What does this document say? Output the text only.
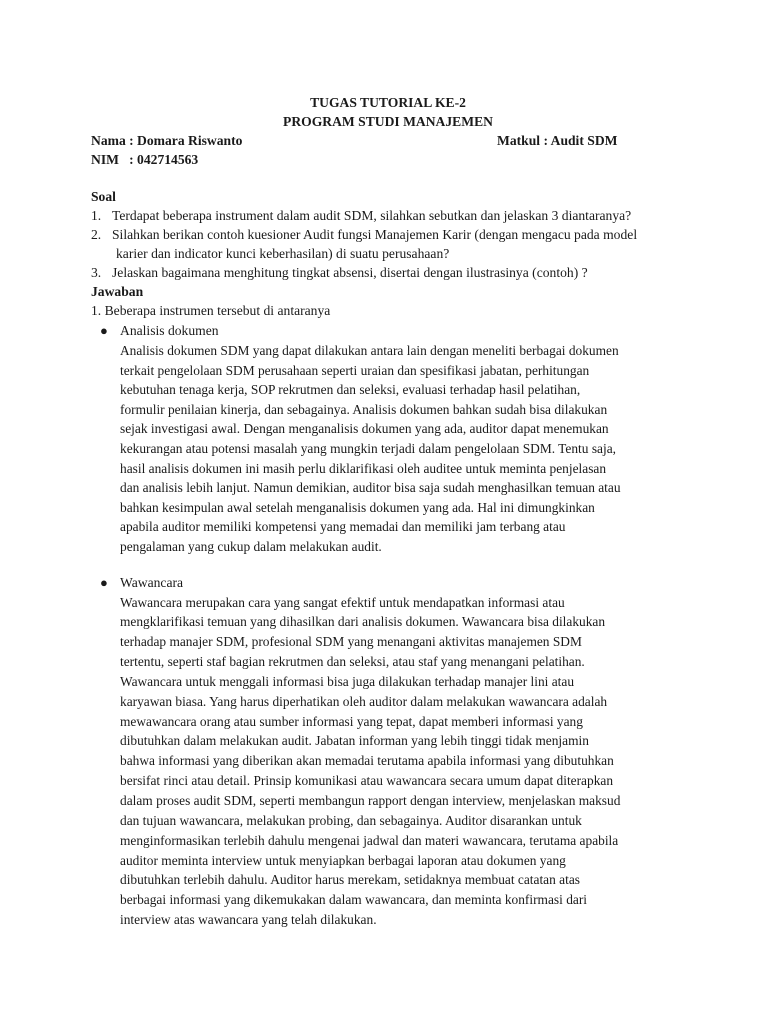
TUGAS TUTORIAL KE-2
PROGRAM STUDI MANAJEMEN
Nama : Domara Riswanto	Matkul : Audit SDM
NIM   : 042714563
Soal
1. Terdapat beberapa instrument dalam audit SDM, silahkan sebutkan dan jelaskan 3 diantaranya?
2. Silahkan berikan contoh kuesioner Audit fungsi Manajemen Karir (dengan mengacu pada model
karier dan indicator kunci keberhasilan) di suatu perusahaan?
3. Jelaskan bagaimana menghitung tingkat absensi, disertai dengan ilustrasinya (contoh) ?
Jawaban
1. Beberapa instrumen tersebut di antaranya
● Analisis dokumen
Analisis dokumen SDM yang dapat dilakukan antara lain dengan meneliti berbagai dokumen
terkait pengelolaan SDM perusahaan seperti uraian dan spesifikasi jabatan, perhitungan
kebutuhan tenaga kerja, SOP rekrutmen dan seleksi, evaluasi terhadap hasil pelatihan,
formulir penilaian kinerja, dan sebagainya. Analisis dokumen bahkan sudah bisa dilakukan
sejak investigasi awal. Dengan menganalisis dokumen yang ada, auditor dapat menemukan
kekurangan atau potensi masalah yang mungkin terjadi dalam pengelolaan SDM. Tentu saja,
hasil analisis dokumen ini masih perlu diklarifikasi oleh auditee untuk meminta penjelasan
dan analisis lebih lanjut. Namun demikian, auditor bisa saja sudah menghasilkan temuan atau
bahkan kesimpulan awal setelah menganalisis dokumen yang ada. Hal ini dimungkinkan
apabila auditor memiliki kompetensi yang memadai dan memiliki jam terbang atau
pengalaman yang cukup dalam melakukan audit.
● Wawancara
Wawancara merupakan cara yang sangat efektif untuk mendapatkan informasi atau
mengklarifikasi temuan yang dihasilkan dari analisis dokumen. Wawancara bisa dilakukan
terhadap manajer SDM, profesional SDM yang menangani aktivitas manajemen SDM
tertentu, seperti staf bagian rekrutmen dan seleksi, atau staf yang menangani pelatihan.
Wawancara untuk menggali informasi bisa juga dilakukan terhadap manajer lini atau
karyawan biasa. Yang harus diperhatikan oleh auditor dalam melakukan wawancara adalah
mewawancara orang atau sumber informasi yang tepat, dapat memberi informasi yang
dibutuhkan dalam melakukan audit. Jabatan informan yang lebih tinggi tidak menjamin
bahwa informasi yang diberikan akan memadai terutama apabila informasi yang dibutuhkan
bersifat rinci atau detail. Prinsip komunikasi atau wawancara secara umum dapat diterapkan
dalam proses audit SDM, seperti membangun rapport dengan interview, menjelaskan maksud
dan tujuan wawancara, melakukan probing, dan sebagainya. Auditor disarankan untuk
menginformasikan terlebih dahulu mengenai jadwal dan materi wawancara, terutama apabila
auditor meminta interview untuk menyiapkan berbagai laporan atau dokumen yang
dibutuhkan terlebih dahulu. Auditor harus merekam, setidaknya membuat catatan atas
berbagai informasi yang dikemukakan dalam wawancara, dan meminta konfirmasi dari
interview atas wawancara yang telah dilakukan.
